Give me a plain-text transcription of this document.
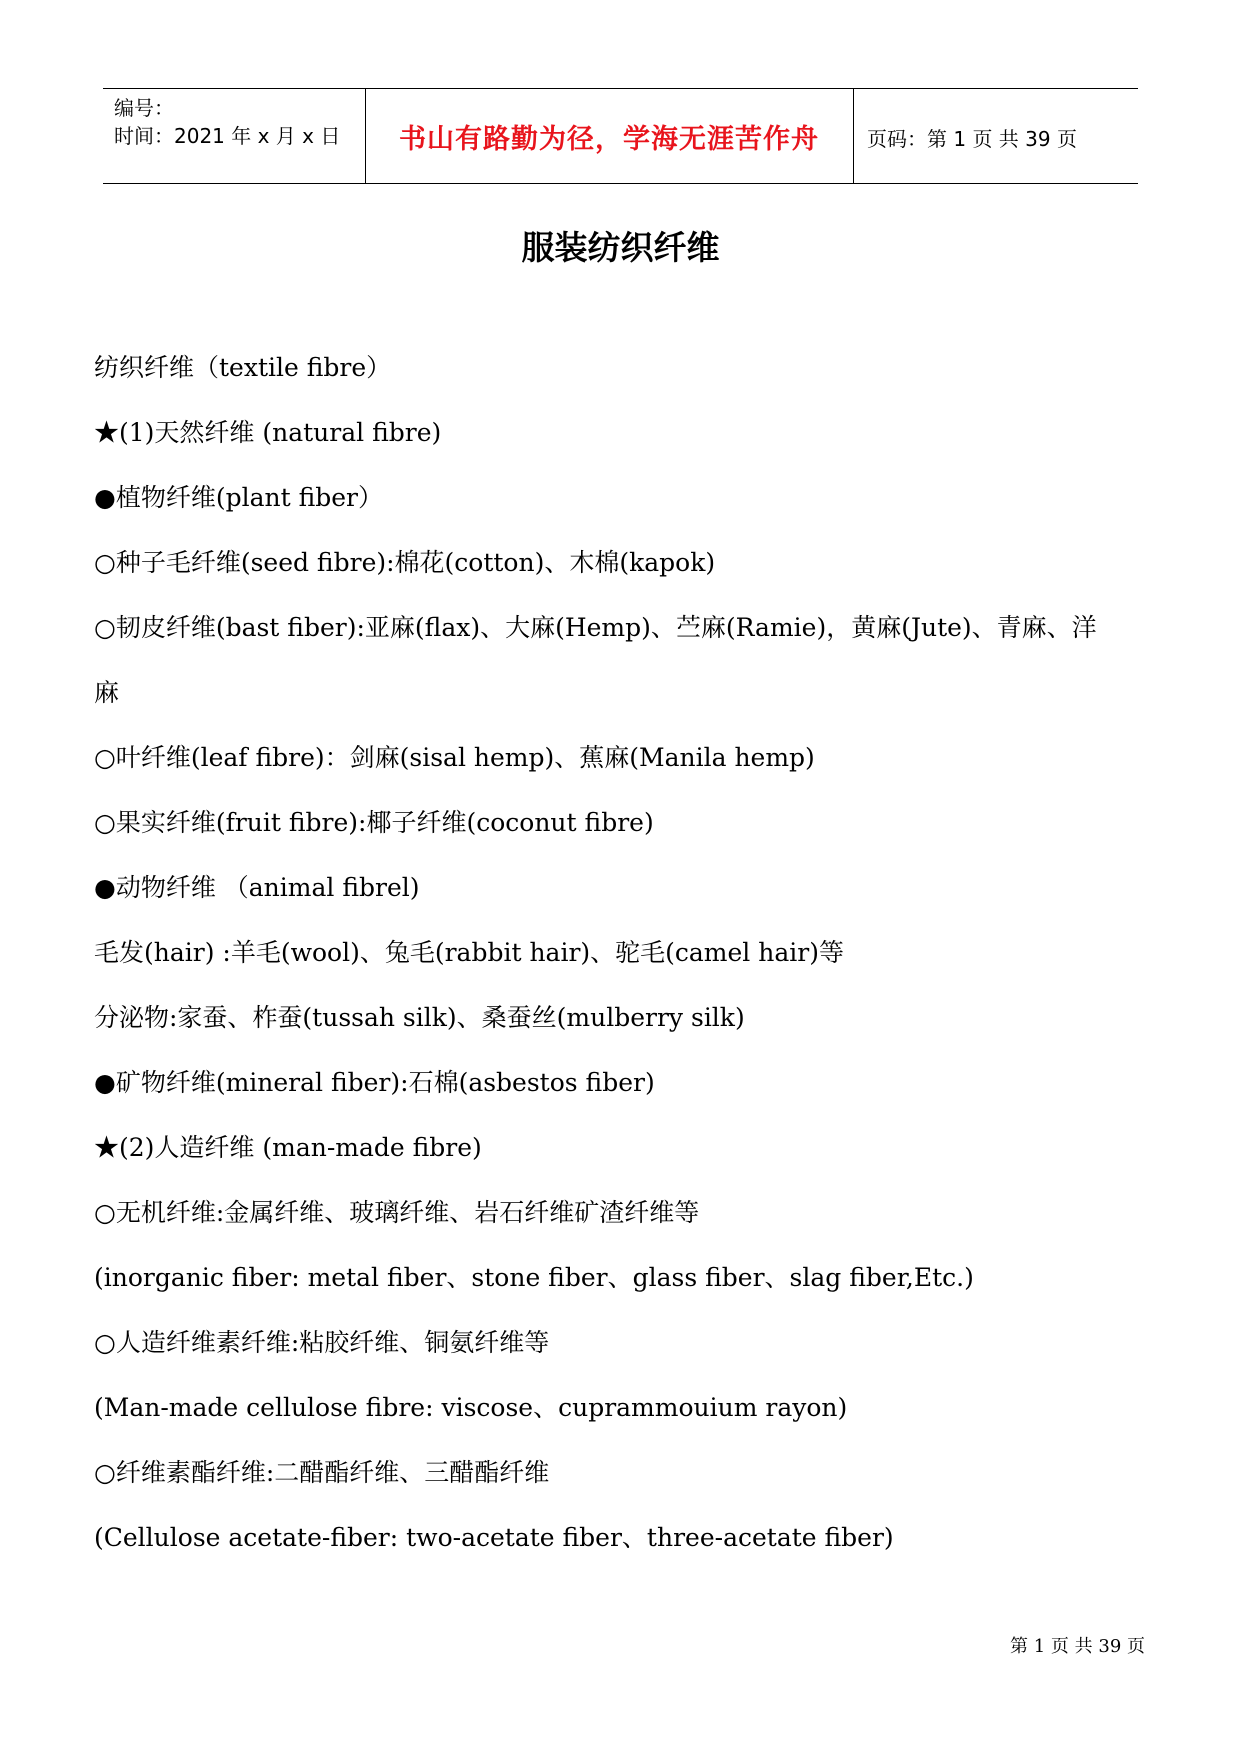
编号：
时间：2021 年 x 月 x 日	书山有路勤为径，学海无涯苦作舟	页码：第 1 页 共 39 页
服装纺织纤维
纺织纤维（textile fibre）
★(1)天然纤维 (natural fibre)
●植物纤维(plant fiber）
○种子毛纤维(seed fibre):棉花(cotton)、木棉(kapok)
○韧皮纤维(bast fiber):亚麻(flax)、大麻(Hemp)、苎麻(Ramie)，黄麻(Jute)、青麻、洋
麻
○叶纤维(leaf fibre)：剑麻(sisal hemp)、蕉麻(Manila hemp)
○果实纤维(fruit fibre):椰子纤维(coconut fibre)
●动物纤维 （animal fibrel)
毛发(hair) :羊毛(wool)、兔毛(rabbit hair)、驼毛(camel hair)等
分泌物:家蚕、柞蚕(tussah silk)、桑蚕丝(mulberry silk)
●矿物纤维(mineral fiber):石棉(asbestos fiber)
★(2)人造纤维 (man-made fibre)
○无机纤维:金属纤维、玻璃纤维、岩石纤维矿渣纤维等
(inorganic fiber: metal fiber、stone fiber、glass fiber、slag fiber,Etc.)
○人造纤维素纤维:粘胶纤维、铜氨纤维等
(Man-made cellulose fibre: viscose、cuprammouium rayon)
○纤维素酯纤维:二醋酯纤维、三醋酯纤维
(Cellulose acetate-fiber: two-acetate fiber、three-acetate fiber)
第 1 页 共 39 页
